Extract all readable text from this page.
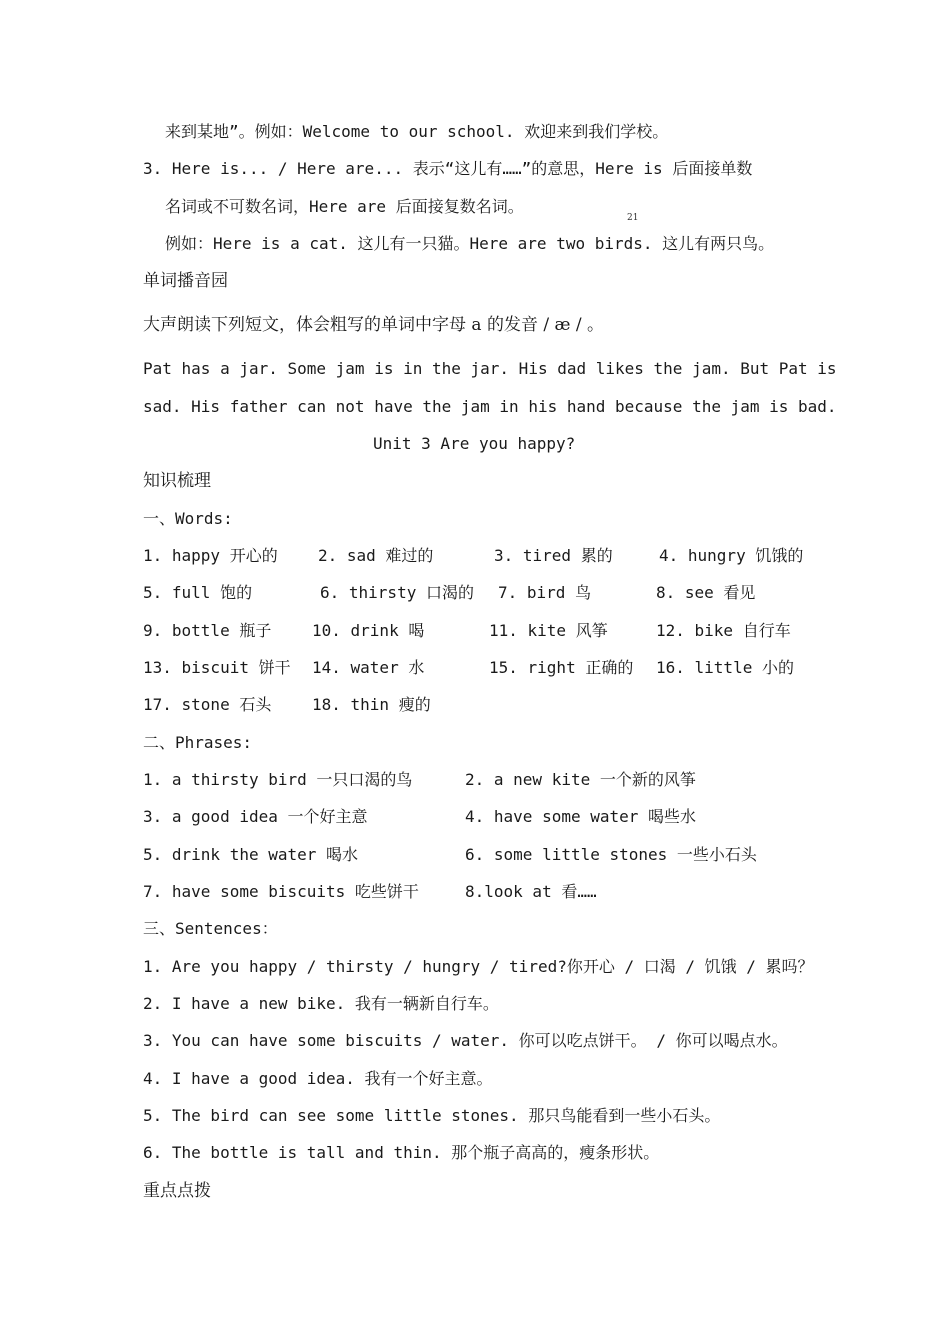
来到某地”。例如：Welcome to our school. 欢迎来到我们学校。
3. Here is... / Here are... 表示“这儿有……”的意思，Here is 后面接单数
名词或不可数名词，Here are 后面接复数名词。
21
例如：Here is a cat. 这儿有一只猫。Here are two birds. 这儿有两只鸟。
单词播音园
大声朗读下列短文，体会粗写的单词中字母 a 的发音 / æ / 。
Pat has a jar. Some jam is in the jar. His dad likes the jam. But Pat is
sad. His father can not have the jam in his hand because the jam is bad.
Unit 3 Are you happy?
知识梳理
一、Words:
1. happy 开心的	2. sad 难过的	3. tired 累的	4. hungry 饥饿的
5. full 饱的	6. thirsty 口渴的 7. bird 鸟	8. see 看见
9. bottle 瓶子	10. drink 喝	11. kite 风筝	12. bike 自行车
13. biscuit 饼干 14. water 水	15. right 正确的 16. little 小的
17. stone 石头	18. thin 瘦的
二、Phrases:
1. a thirsty bird 一只口渴的鸟	2. a new kite 一个新的风筝
3. a good idea 一个好主意	4. have some water 喝些水
5. drink the water 喝水	6. some little stones 一些小石头
7. have some biscuits 吃些饼干	8.look at 看……
三、Sentences：
1. Are you happy / thirsty / hungry / tired?你开心 / 口渴 / 饥饿 / 累吗？
2. I have a new bike. 我有一辆新自行车。
3. You can have some biscuits / water. 你可以吃点饼干。 / 你可以喝点水。
4. I have a good idea. 我有一个好主意。
5. The bird can see some little stones. 那只鸟能看到一些小石头。
6. The bottle is tall and thin. 那个瓶子高高的，瘦条形状。
重点点拨
